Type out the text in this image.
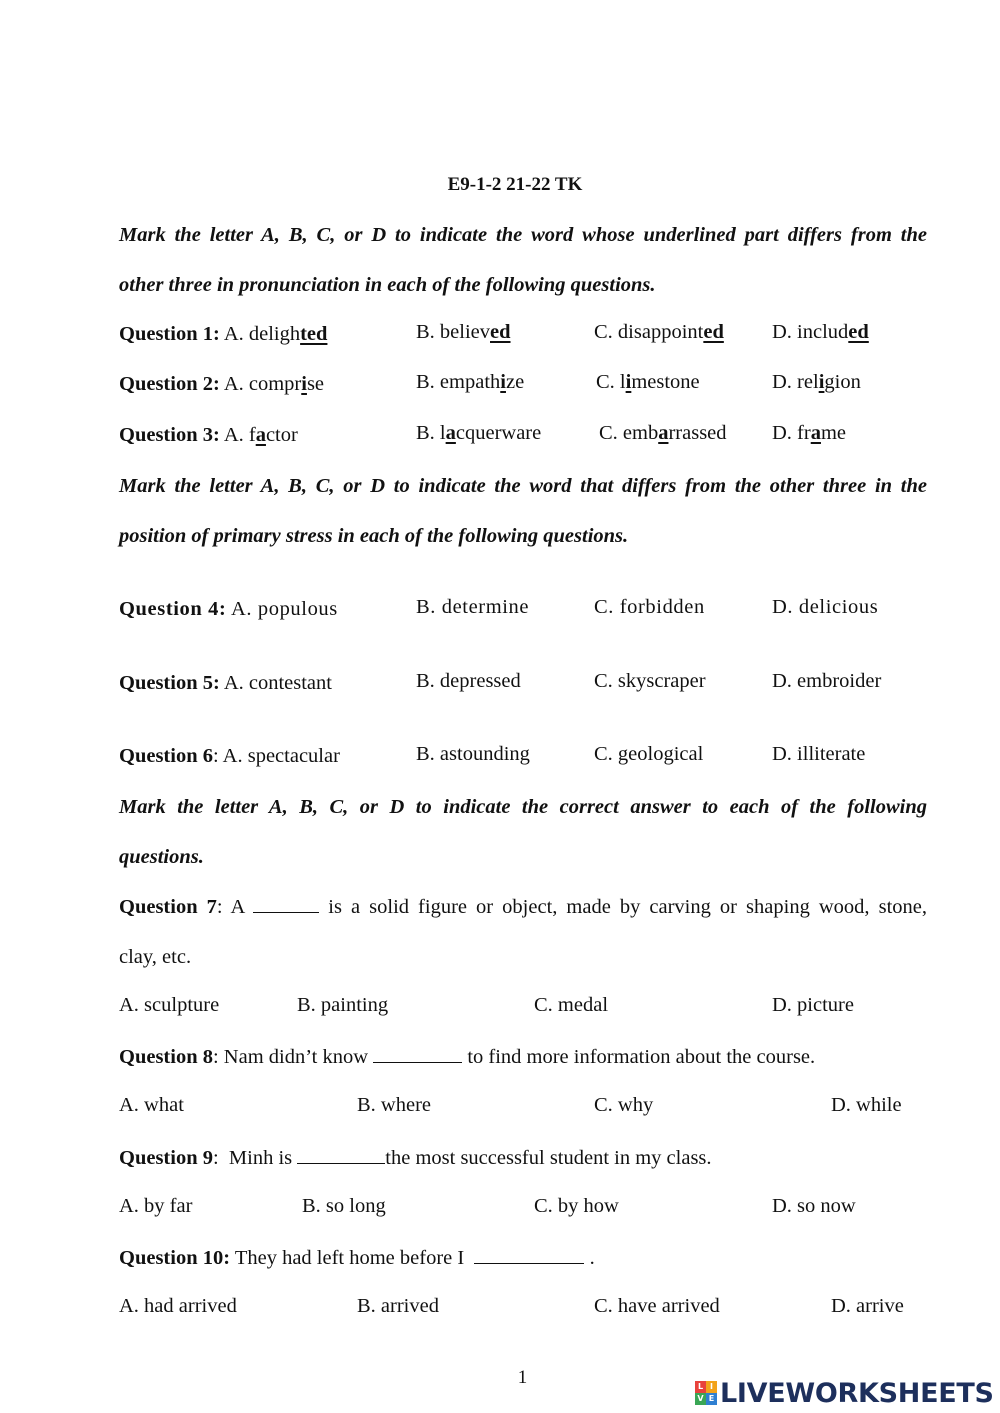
E9-1-2 21-22 TK
Mark the letter A, B, C, or D to indicate the word whose underlined part differs from the
other three in pronunciation in each of the following questions.
Question 1: A. delighted	B. believed	C. disappointed D. included
Question 2: A. comprise	B. empathize	C. limestone	D. religion
Question 3: A. factor	B. lacquerware	C. embarrassed D. frame
Mark the letter A, B, C, or D to indicate the word that differs from the other three in the
position of primary stress in each of the following questions.
Question 4: A. populous	B. determine	C. forbidden	D. delicious
Question 5: A. contestant	B. depressed	C. skyscraper	D. embroider
Question 6: A. spectacular	B. astounding	C. geological	D. illiterate
Mark the letter A, B, C, or D to indicate the correct answer to each of the following
questions.
Question 7: A	is a solid figure or object, made by carving or shaping wood, stone,
clay, etc.
A. sculpture	B. painting	C. medal	D. picture
Question 8: Nam didn’t know	to find more information about the course.
A. what	B. where	C. why	D. while
Question 9:  Minh is	the most successful student in my class.
A. by far	B. so long	C. by how	D. so now
Question 10: They had left home before I	.
A. had arrived	B. arrived	C. have arrived	D. arrive
1	L I
V E LIVEWORKSHEETS
